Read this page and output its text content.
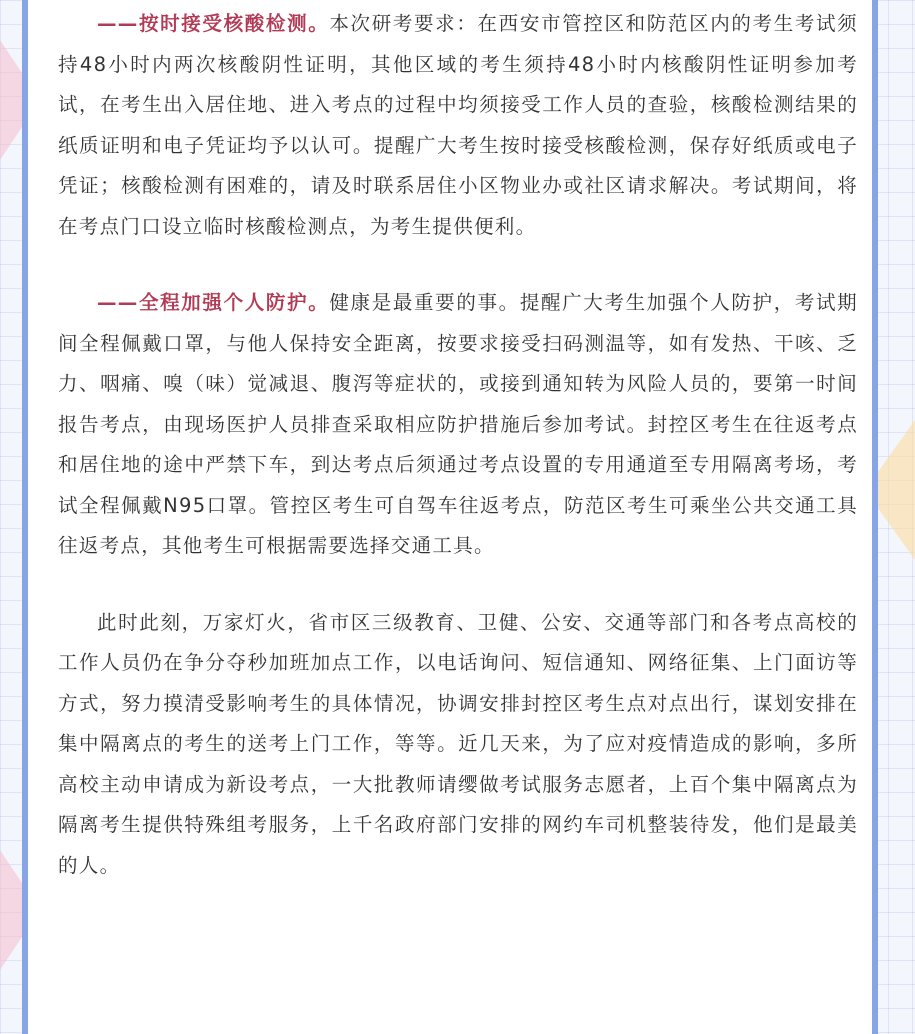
——按时接受核酸检测。本次研考要求：在西安市管控区和防范区内的考生考试须持48小时内两次核酸阴性证明，其他区域的考生须持48小时内核酸阴性证明参加考试，在考生出入居住地、进入考点的过程中均须接受工作人员的查验，核酸检测结果的纸质证明和电子凭证均予以认可。提醒广大考生按时接受核酸检测，保存好纸质或电子凭证；核酸检测有困难的，请及时联系居住小区物业办或社区请求解决。考试期间，将在考点门口设立临时核酸检测点，为考生提供便利。

——全程加强个人防护。健康是最重要的事。提醒广大考生加强个人防护，考试期间全程佩戴口罩，与他人保持安全距离，按要求接受扫码测温等，如有发热、干咳、乏力、咽痛、嗅（味）觉减退、腹泻等症状的，或接到通知转为风险人员的，要第一时间报告考点，由现场医护人员排查采取相应防护措施后参加考试。封控区考生在往返考点和居住地的途中严禁下车，到达考点后须通过考点设置的专用通道至专用隔离考场，考试全程佩戴N95口罩。管控区考生可自驾车往返考点，防范区考生可乘坐公共交通工具往返考点，其他考生可根据需要选择交通工具。

此时此刻，万家灯火，省市区三级教育、卫健、公安、交通等部门和各考点高校的工作人员仍在争分夺秒加班加点工作，以电话询问、短信通知、网络征集、上门面访等方式，努力摸清受影响考生的具体情况，协调安排封控区考生点对点出行，谋划安排在集中隔离点的考生的送考上门工作，等等。近几天来，为了应对疫情造成的影响，多所高校主动申请成为新设考点，一大批教师请缨做考试服务志愿者，上百个集中隔离点为隔离考生提供特殊组考服务，上千名政府部门安排的网约车司机整装待发，他们是最美的人。
